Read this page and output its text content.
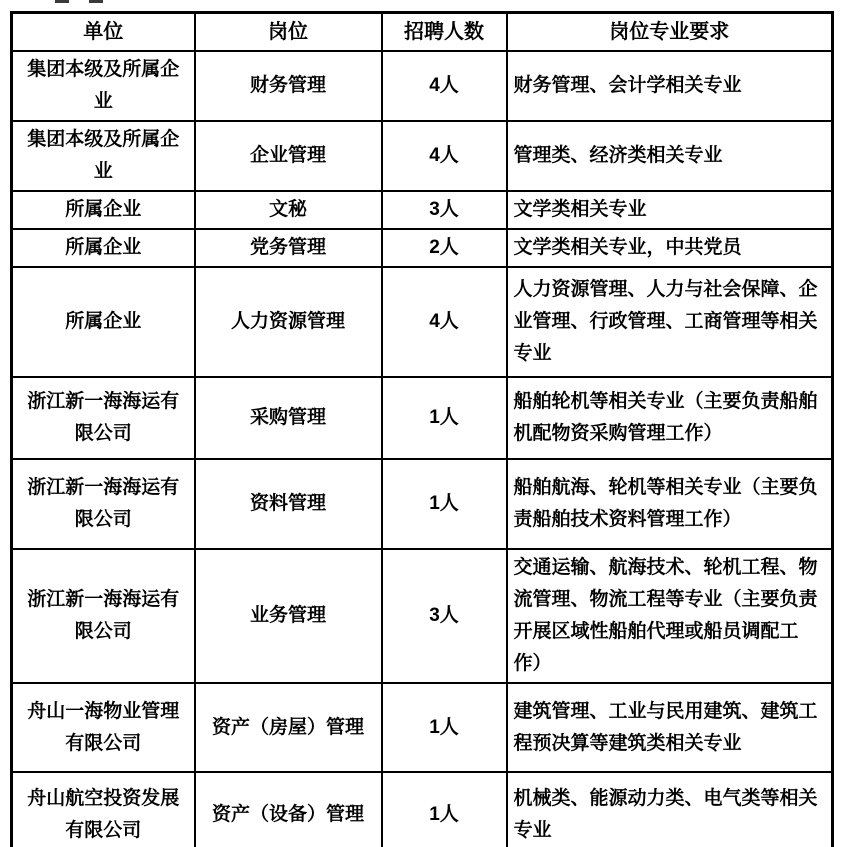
单位	岗位	招聘人数	岗位专业要求
集团本级及所属企业	财务管理	4人	财务管理、会计学相关专业
集团本级及所属企业	企业管理	4人	管理类、经济类相关专业
所属企业	文秘	3人	文学类相关专业
所属企业	党务管理	2人	文学类相关专业，中共党员
所属企业	人力资源管理	4人	人力资源管理、人力与社会保障、企业管理、行政管理、工商管理等相关专业
浙江新一海海运有限公司	采购管理	1人	船舶轮机等相关专业（主要负责船舶机配物资采购管理工作）
浙江新一海海运有限公司	资料管理	1人	船舶航海、轮机等相关专业（主要负责船舶技术资料管理工作）
浙江新一海海运有限公司	业务管理	3人	交通运输、航海技术、轮机工程、物流管理、物流工程等专业（主要负责开展区域性船舶代理或船员调配工作）
舟山一海物业管理有限公司	资产（房屋）管理	1人	建筑管理、工业与民用建筑、建筑工程预决算等建筑类相关专业
舟山航空投资发展有限公司	资产（设备）管理	1人	机械类、能源动力类、电气类等相关专业
